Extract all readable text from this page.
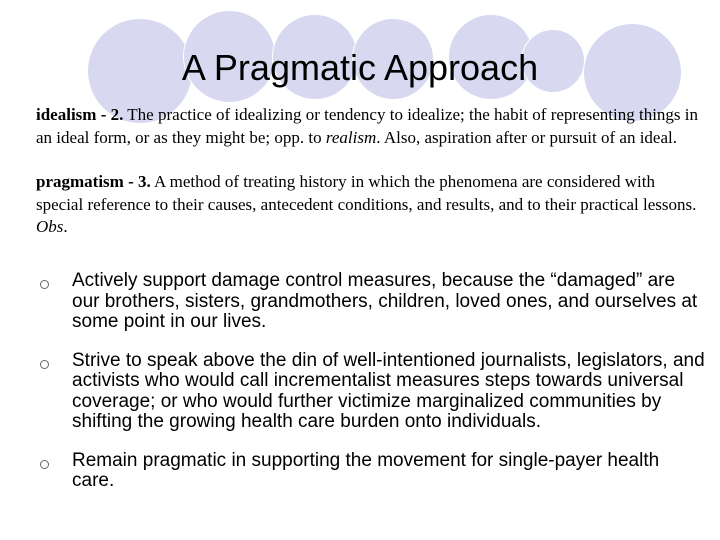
A Pragmatic Approach

idealism - 2. The practice of idealizing or tendency to idealize; the habit of representing things in an ideal form, or as they might be; opp. to realism. Also, aspiration after or pursuit of an ideal.

pragmatism - 3. A method of treating history in which the phenomena are considered with special reference to their causes, antecedent conditions, and results, and to their practical lessons. Obs.

Actively support damage control measures, because the “damaged” are our brothers, sisters, grandmothers, children, loved ones, and ourselves at some point in our lives.
Strive to speak above the din of well-intentioned journalists, legislators, and activists who would call incrementalist measures steps towards universal coverage; or who would further victimize marginalized communities by shifting the growing health care burden onto individuals.
Remain pragmatic in supporting the movement for single-payer health care.
